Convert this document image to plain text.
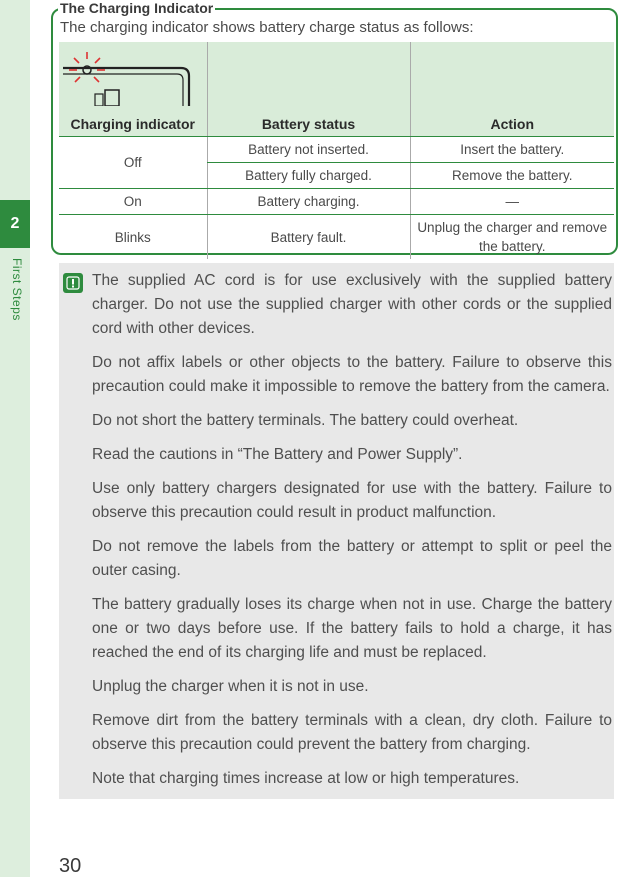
2
First Steps
The Charging Indicator
The charging indicator shows battery charge status as follows:
Charging indicator	Battery status	Action
Off	Battery not inserted.	Insert the battery.
	Battery fully charged.	Remove the battery.
On	Battery charging.	—
Blinks	Battery fault.	Unplug the charger and remove the battery.

The supplied AC cord is for use exclusively with the supplied battery charger. Do not use the supplied charger with other cords or the supplied cord with other devices.

Do not affix labels or other objects to the battery. Failure to observe this precaution could make it impossible to remove the battery from the camera.

Do not short the battery terminals. The battery could overheat.

Read the cautions in “The Battery and Power Supply”.

Use only battery chargers designated for use with the battery. Failure to observe this precaution could result in product malfunction.

Do not remove the labels from the battery or attempt to split or peel the outer casing.

The battery gradually loses its charge when not in use. Charge the battery one or two days before use. If the battery fails to hold a charge, it has reached the end of its charging life and must be replaced.

Unplug the charger when it is not in use.

Remove dirt from the battery terminals with a clean, dry cloth. Failure to observe this precaution could prevent the battery from charging.

Note that charging times increase at low or high temperatures.

30
